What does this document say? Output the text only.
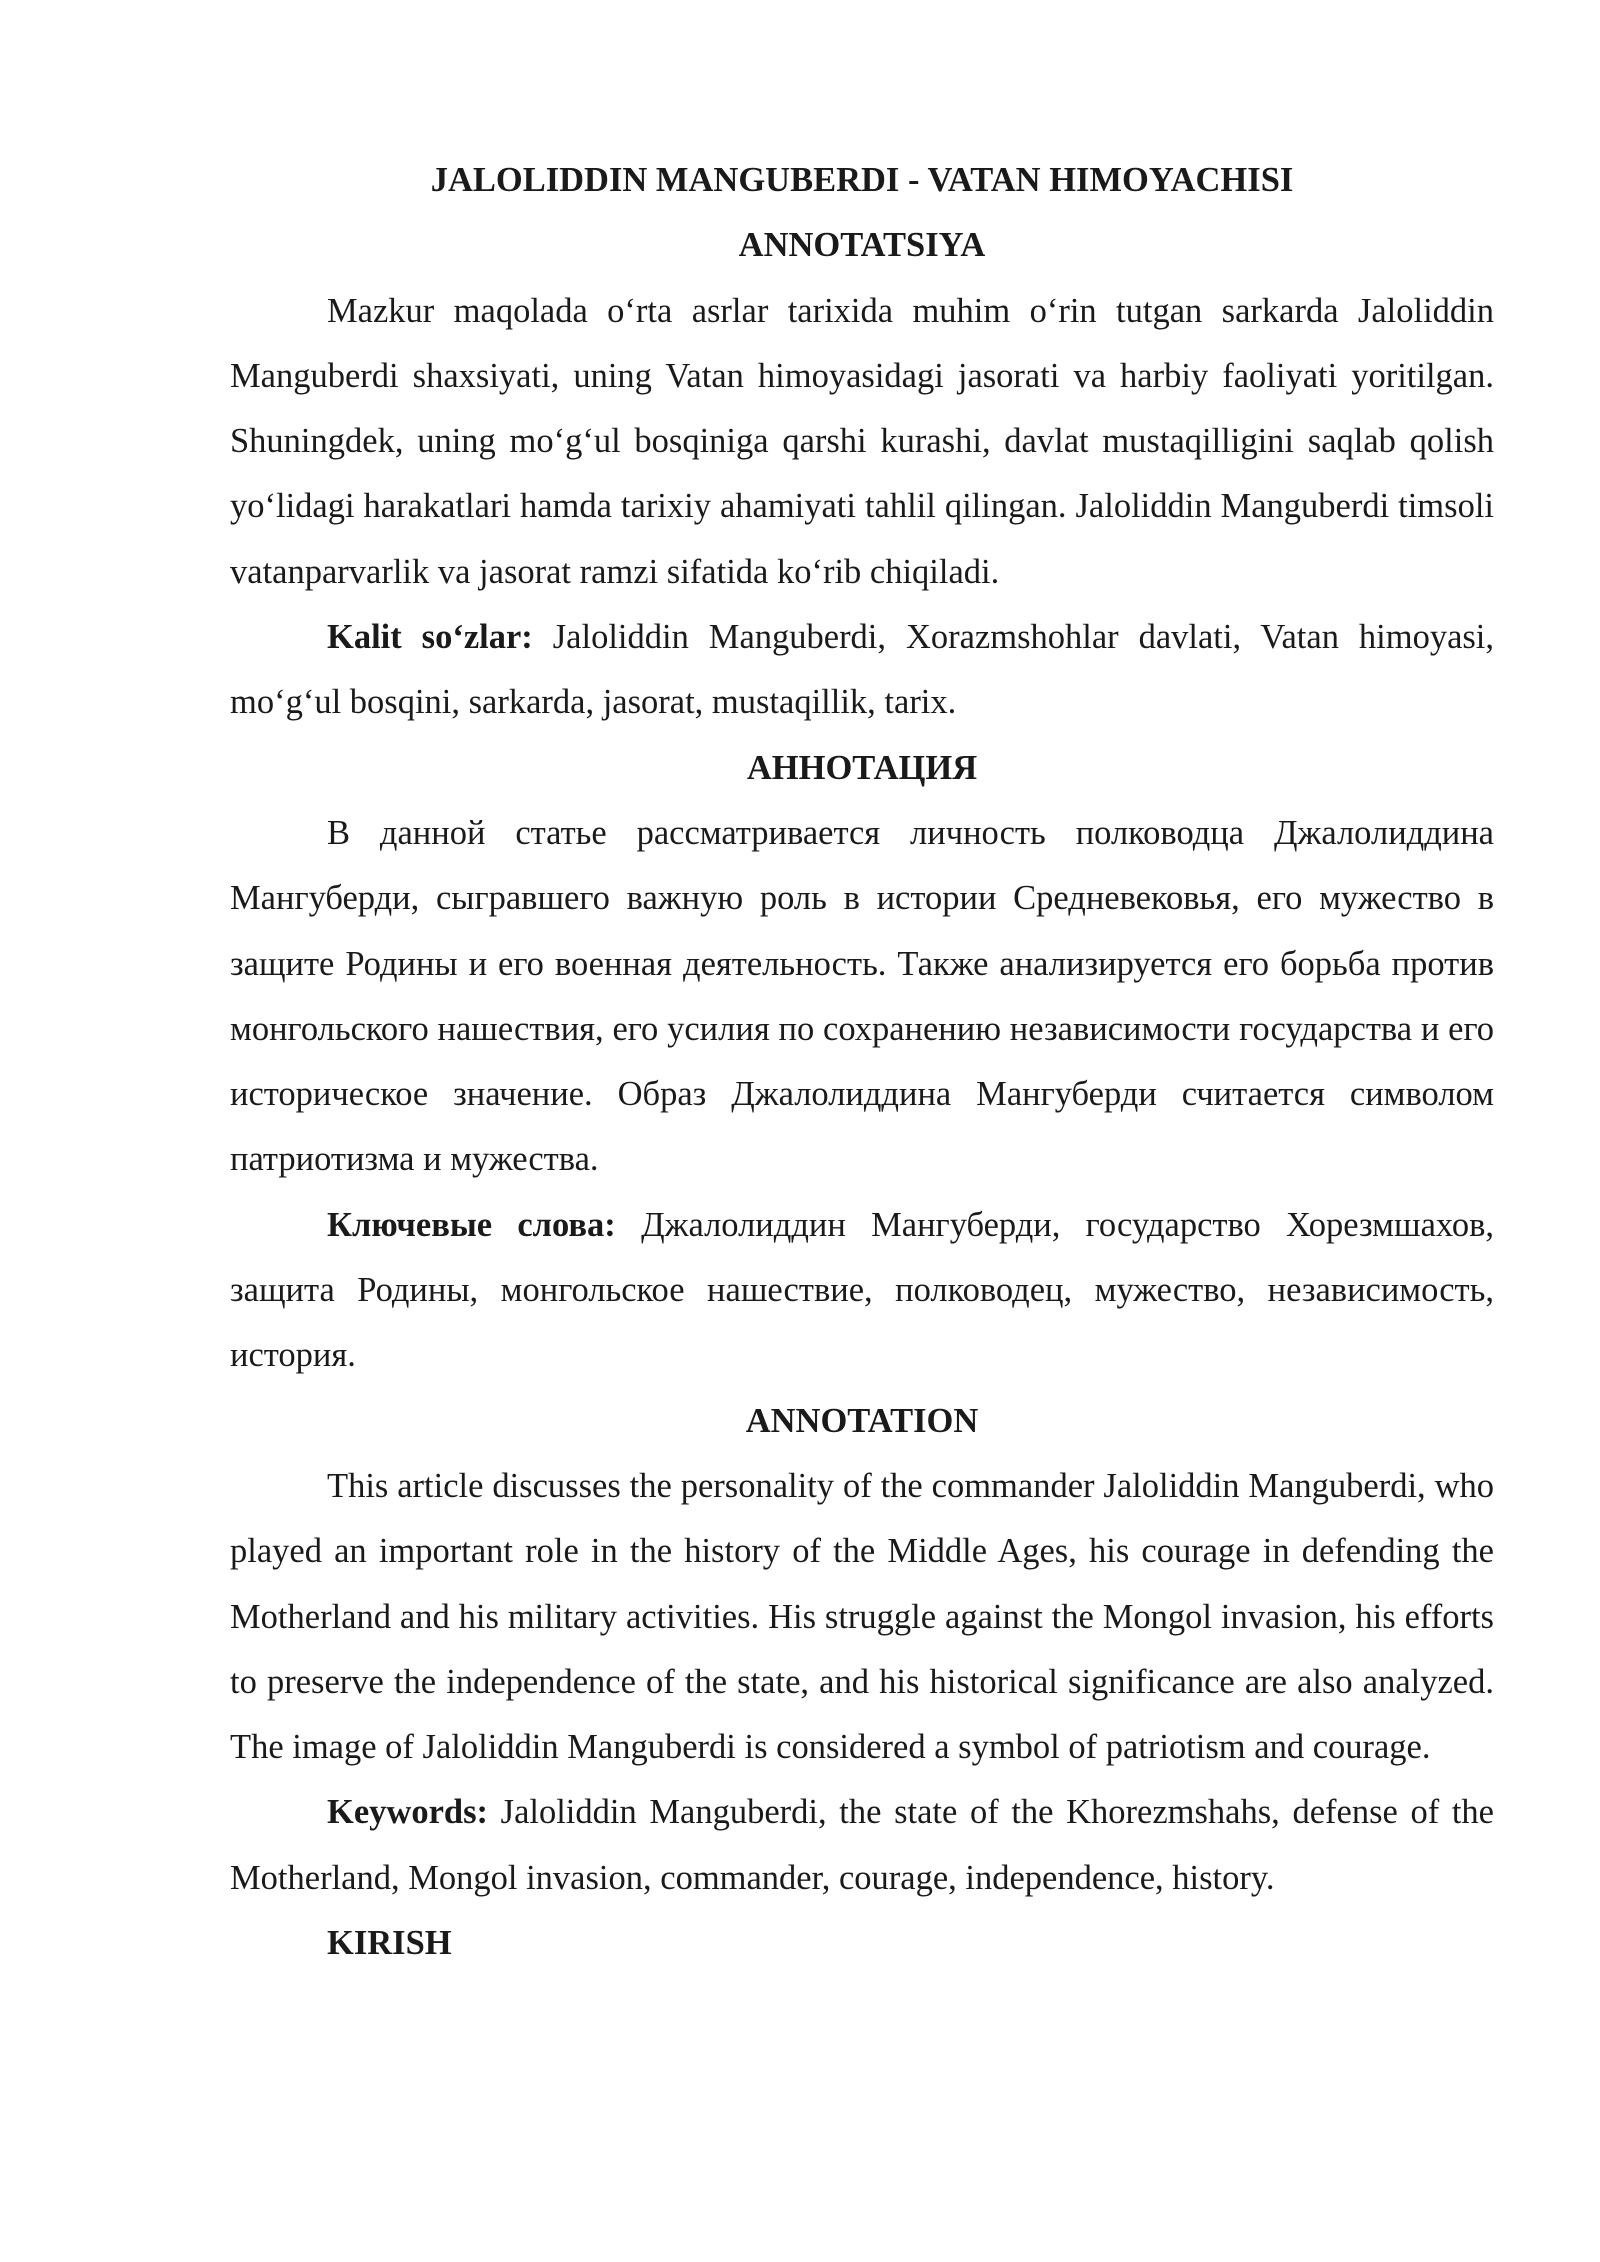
JALOLIDDIN MANGUBERDI - VATAN HIMOYACHISI

ANNOTATSIYA

Mazkur maqolada o‘rta asrlar tarixida muhim o‘rin tutgan sarkarda Jaloliddin Manguberdi shaxsiyati, uning Vatan himoyasidagi jasorati va harbiy faoliyati yoritilgan. Shuningdek, uning mo‘g‘ul bosqiniga qarshi kurashi, davlat mustaqilligini saqlab qolish yo‘lidagi harakatlari hamda tarixiy ahamiyati tahlil qilingan. Jaloliddin Manguberdi timsoli vatanparvarlik va jasorat ramzi sifatida ko‘rib chiqiladi.

Kalit so‘zlar: Jaloliddin Manguberdi, Xorazmshohlar davlati, Vatan himoyasi, mo‘g‘ul bosqini, sarkarda, jasorat, mustaqillik, tarix.

АННОТАЦИЯ

В данной статье рассматривается личность полководца Джалолиддина Мангуберди, сыгравшего важную роль в истории Средневековья, его мужество в защите Родины и его военная деятельность. Также анализируется его борьба против монгольского нашествия, его усилия по сохранению независимости государства и его историческое значение. Образ Джалолиддина Мангуберди считается символом патриотизма и мужества.

Ключевые слова: Джалолиддин Мангуберди, государство Хорезмшахов, защита Родины, монгольское нашествие, полководец, мужество, независимость, история.

ANNOTATION

This article discusses the personality of the commander Jaloliddin Manguberdi, who played an important role in the history of the Middle Ages, his courage in defending the Motherland and his military activities. His struggle against the Mongol invasion, his efforts to preserve the independence of the state, and his historical significance are also analyzed. The image of Jaloliddin Manguberdi is considered a symbol of patriotism and courage.

Keywords: Jaloliddin Manguberdi, the state of the Khorezmshahs, defense of the Motherland, Mongol invasion, commander, courage, independence, history.

KIRISH
